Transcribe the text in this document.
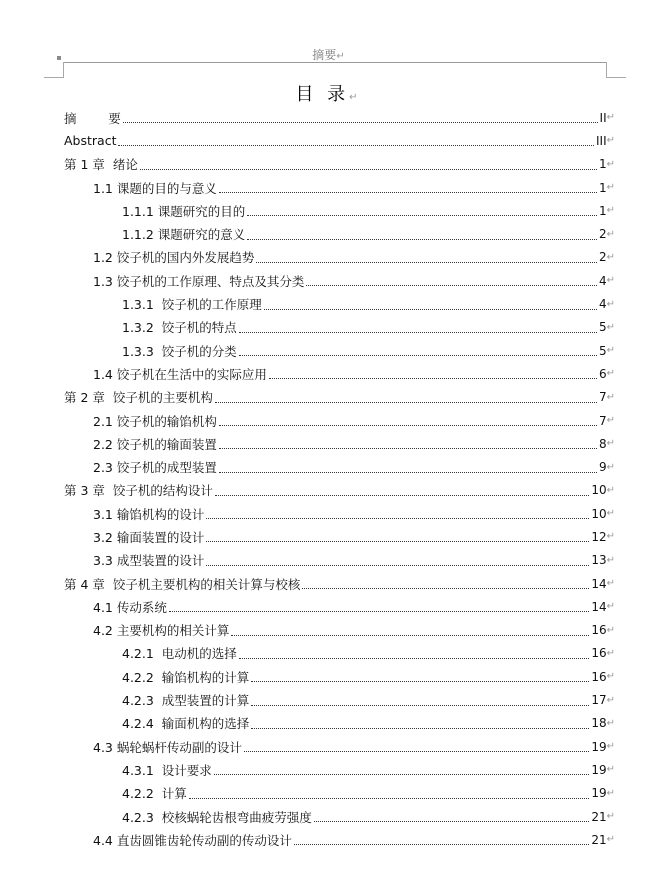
摘要↵
目 录↵
摘        要	II ↵
Abstract	III ↵
第 1 章  绪论	1 ↵
1.1 课题的目的与意义	1 ↵
1.1.1 课题研究的目的	1 ↵
1.1.2 课题研究的意义	2 ↵
1.2 饺子机的国内外发展趋势	2 ↵
1.3 饺子机的工作原理、特点及其分类	4 ↵
1.3.1  饺子机的工作原理	4 ↵
1.3.2  饺子机的特点	5 ↵
1.3.3  饺子机的分类	5 ↵
1.4 饺子机在生活中的实际应用	6 ↵
第 2 章  饺子机的主要机构	7 ↵
2.1 饺子机的输馅机构	7 ↵
2.2 饺子机的输面装置	8 ↵
2.3 饺子机的成型装置	9 ↵
第 3 章  饺子机的结构设计	10 ↵
3.1 输馅机构的设计	10 ↵
3.2 输面装置的设计	12 ↵
3.3 成型装置的设计	13 ↵
第 4 章  饺子机主要机构的相关计算与校核	14 ↵
4.1 传动系统	14 ↵
4.2 主要机构的相关计算	16 ↵
4.2.1  电动机的选择	16 ↵
4.2.2  输馅机构的计算	16 ↵
4.2.3  成型装置的计算	17 ↵
4.2.4  输面机构的选择	18 ↵
4.3 蜗轮蜗杆传动副的设计	19 ↵
4.3.1  设计要求	19 ↵
4.2.2  计算	19 ↵
4.2.3  校核蜗轮齿根弯曲疲劳强度	21 ↵
4.4 直齿圆锥齿轮传动副的传动设计	21 ↵
